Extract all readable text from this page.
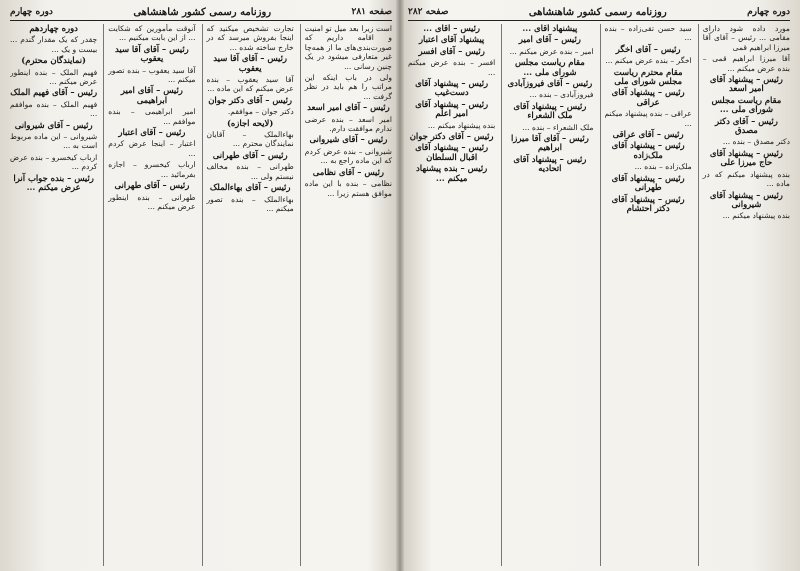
صفحه ۲۸۱
روزنامه رسمی کشور شاهنشاهی
دوره چهارم

است زیرا بعد میل تو امنیت و اقامه داریم که صورت‌بندی‌های ما از همه‌چا غیر متعارفی میشود در یک چنین رسانی ...

ولی در باب اینکه این مراتب را هم باید در نظر گرفت ...

رئیس – آقای امیر اسعد

امیر اسعد – بنده عرضی ندارم موافقت دارم.

رئیس – آقای شیروانی

شیروانی – بنده عرض کردم که این ماده راجع به ...

رئیس – آقای نظامی

نظامی – بنده با این ماده موافق هستم زیرا ...

تجارت تشخیص میکنید که اینجا بفروش میرسد که در خارج ساخته شده ...

رئیس – آقای آقا سید یعقوب

آقا سید یعقوب – بنده عرض میکنم که این ماده ...

رئیس – آقای دکتر جوان

دکتر جوان – موافقم.

(لایحه اجازه)

بهاء‌الملک – آقایان نمایندگان محترم ...

رئیس – آقای طهرانی

طهرانی – بنده مخالف نیستم ولی ...

رئیس – آقای بهاء‌الملک

بهاء‌الملک – بنده تصور میکنم ...

آنوقت مأمورین که شکایت ... از این بابت میکنیم ...

رئیس – آقای آقا سید یعقوب

آقا سید یعقوب – بنده تصور میکنم ...

رئیس – آقای امیر ابراهیمی

امیر ابراهیمی – بنده موافقم ...

رئیس – آقای اعتبار

اعتبار – اینجا عرض کردم ...

ارباب کیخسرو – اجازه بفرمائید ...

رئیس – آقای طهرانی

طهرانی – بنده اینطور عرض میکنم ...

دوره چهاردهم

چقدر که یک مقدار گندم ... بیست و یک ...

(نمایندگان محترم)

فهیم الملک – بنده اینطور عرض میکنم ...

رئیس – آقای فهیم الملک

فهیم الملک – بنده موافقم ...

رئیس – آقای شیروانی

شیروانی – این ماده مربوط است به ...

ارباب کیخسرو – بنده عرض کردم ...

رئیس – بنده جواب آنرا عرض میکنم ...

دوره چهارم
روزنامه رسمی کشور شاهنشاهی
صفحه ۲۸۲

مورد داده شود دارای مقامی ... رئیس – آقای آقا میرزا ابراهیم قمی

آقا میرزا ابراهیم قمی – بنده عرض میکنم ...

رئیس – پیشنهاد آقای امیر اسعد

مقام ریاست مجلس شورای ملی ...

رئیس – آقای دکتر مصدق

دکتر مصدق – بنده ...

رئیس – پیشنهاد آقای حاج میرزا علی

بنده پیشنهاد میکنم که در ماده ...

رئیس – پیشنهاد آقای شیروانی

بنده پیشنهاد میکنم ...

سید حسن تقی‌زاده – بنده ...

رئیس – آقای اخگر

اخگر – بنده عرض میکنم ...

مقام محترم ریاست مجلس شورای ملی

رئیس – پیشنهاد آقای عراقی

عراقی – بنده پیشنهاد میکنم ...

رئیس – آقای عراقی

رئیس – پیشنهاد آقای ملک‌زاده

ملک‌زاده – بنده ...

رئیس – پیشنهاد آقای طهرانی

رئیس – پیشنهاد آقای دکتر احتشام

پیشنهاد آقای ...

رئیس – آقای امیر

امیر – بنده عرض میکنم ...

مقام ریاست مجلس شورای ملی ...

رئیس – آقای فیروزآبادی

فیروزآبادی – بنده ...

رئیس – پیشنهاد آقای ملک الشعراء

ملک الشعراء – بنده ...

رئیس – آقای آقا میرزا ابراهیم

رئیس – پیشنهاد آقای اتحادیه

رئیس – آقای ...

پیشنهاد آقای اعتبار

رئیس – آقای افسر

افسر – بنده عرض میکنم ...

رئیس – پیشنهاد آقای دست‌غیب

رئیس – پیشنهاد آقای امیر اعلم

بنده پیشنهاد میکنم ...

رئیس – آقای دکتر جوان

رئیس – پیشنهاد آقای اقبال السلطان

رئیس – بنده پیشنهاد میکنم ...
